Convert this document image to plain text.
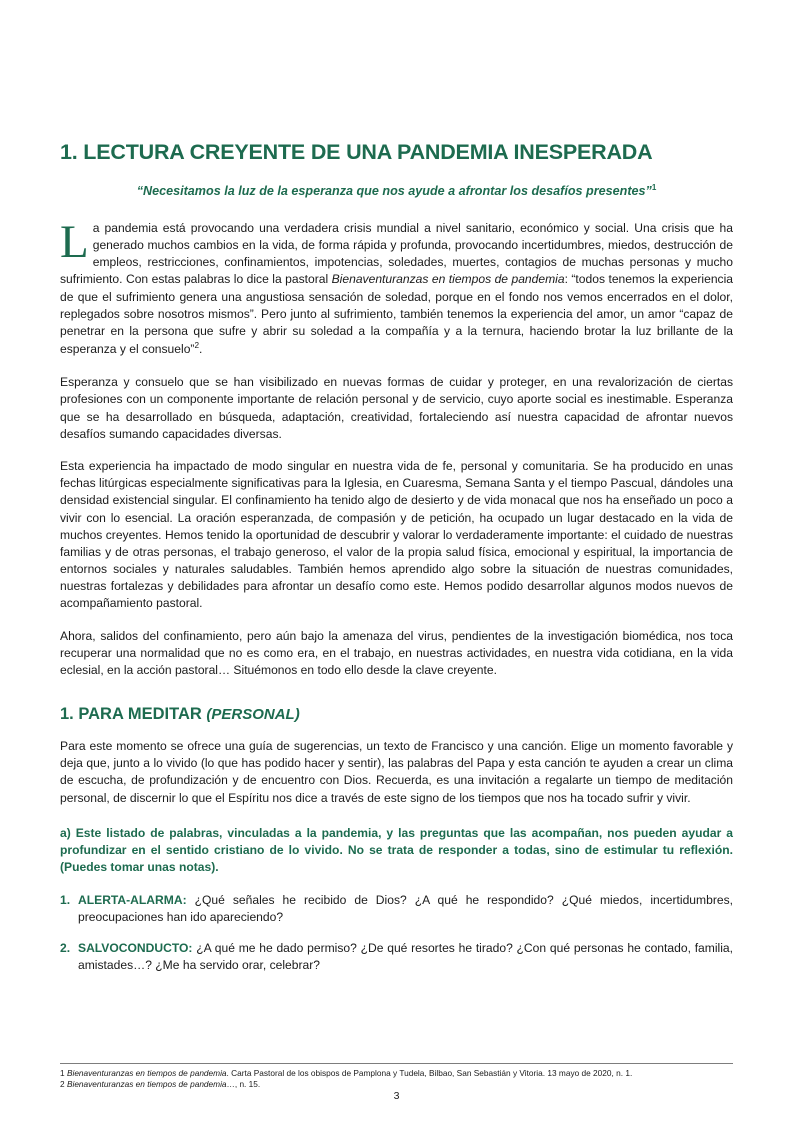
1. LECTURA CREYENTE DE UNA PANDEMIA INESPERADA

“Necesitamos la luz de la esperanza que nos ayude a afrontar los desafíos presentes”$^1$

La pandemia está provocando una verdadera crisis mundial a nivel sanitario, económico y social. Una crisis que ha generado muchos cambios en la vida, de forma rápida y profunda, provocando incertidumbres, miedos, destrucción de empleos, restricciones, confinamientos, impotencias, soledades, muertes, contagios de muchas personas y mucho sufrimiento. Con estas palabras lo dice la pastoral Bienaventuranzas en tiempos de pandemia: “todos tenemos la experiencia de que el sufrimiento genera una angustiosa sensación de soledad, porque en el fondo nos vemos encerrados en el dolor, replegados sobre nosotros mismos”. Pero junto al sufrimiento, también tenemos la experiencia del amor, un amor “capaz de penetrar en la persona que sufre y abrir su soledad a la compañía y a la ternura, haciendo brotar la luz brillante de la esperanza y el consuelo”$^2$.

Esperanza y consuelo que se han visibilizado en nuevas formas de cuidar y proteger, en una revalorización de ciertas profesiones con un componente importante de relación personal y de servicio, cuyo aporte social es inestimable. Esperanza que se ha desarrollado en búsqueda, adaptación, creatividad, fortaleciendo así nuestra capacidad de afrontar nuevos desafíos sumando capacidades diversas.

Esta experiencia ha impactado de modo singular en nuestra vida de fe, personal y comunitaria. Se ha producido en unas fechas litúrgicas especialmente significativas para la Iglesia, en Cuaresma, Semana Santa y el tiempo Pascual, dándoles una densidad existencial singular. El confinamiento ha tenido algo de desierto y de vida monacal que nos ha enseñado un poco a vivir con lo esencial. La oración esperanzada, de compasión y de petición, ha ocupado un lugar destacado en la vida de muchos creyentes. Hemos tenido la oportunidad de descubrir y valorar lo verdaderamente importante: el cuidado de nuestras familias y de otras personas, el trabajo generoso, el valor de la propia salud física, emocional y espiritual, la importancia de entornos sociales y naturales saludables. También hemos aprendido algo sobre la situación de nuestras comunidades, nuestras fortalezas y debilidades para afrontar un desafío como este. Hemos podido desarrollar algunos modos nuevos de acompañamiento pastoral.

Ahora, salidos del confinamiento, pero aún bajo la amenaza del virus, pendientes de la investigación biomédica, nos toca recuperar una normalidad que no es como era, en el trabajo, en nuestras actividades, en nuestra vida cotidiana, en la vida eclesial, en la acción pastoral… Situémonos en todo ello desde la clave creyente.

1. PARA MEDITAR (PERSONAL)

Para este momento se ofrece una guía de sugerencias, un texto de Francisco y una canción. Elige un momento favorable y deja que, junto a lo vivido (lo que has podido hacer y sentir), las palabras del Papa y esta canción te ayuden a crear un clima de escucha, de profundización y de encuentro con Dios. Recuerda, es una invitación a regalarte un tiempo de meditación personal, de discernir lo que el Espíritu nos dice a través de este signo de los tiempos que nos ha tocado sufrir y vivir.

a) Este listado de palabras, vinculadas a la pandemia, y las preguntas que las acompañan, nos pueden ayudar a profundizar en el sentido cristiano de lo vivido. No se trata de responder a todas, sino de estimular tu reflexión. (Puedes tomar unas notas).

1. ALERTA-ALARMA: ¿Qué señales he recibido de Dios? ¿A qué he respondido? ¿Qué miedos, incertidumbres, preocupaciones han ido apareciendo?
2. SALVOCONDUCTO: ¿A qué me he dado permiso? ¿De qué resortes he tirado? ¿Con qué personas he contado, familia, amistades…? ¿Me ha servido orar, celebrar?

1 Bienaventuranzas en tiempos de pandemia. Carta Pastoral de los obispos de Pamplona y Tudela, Bilbao, San Sebastián y Vitoria. 13 mayo de 2020, n. 1.

2 Bienaventuranzas en tiempos de pandemia…, n. 15.

3
